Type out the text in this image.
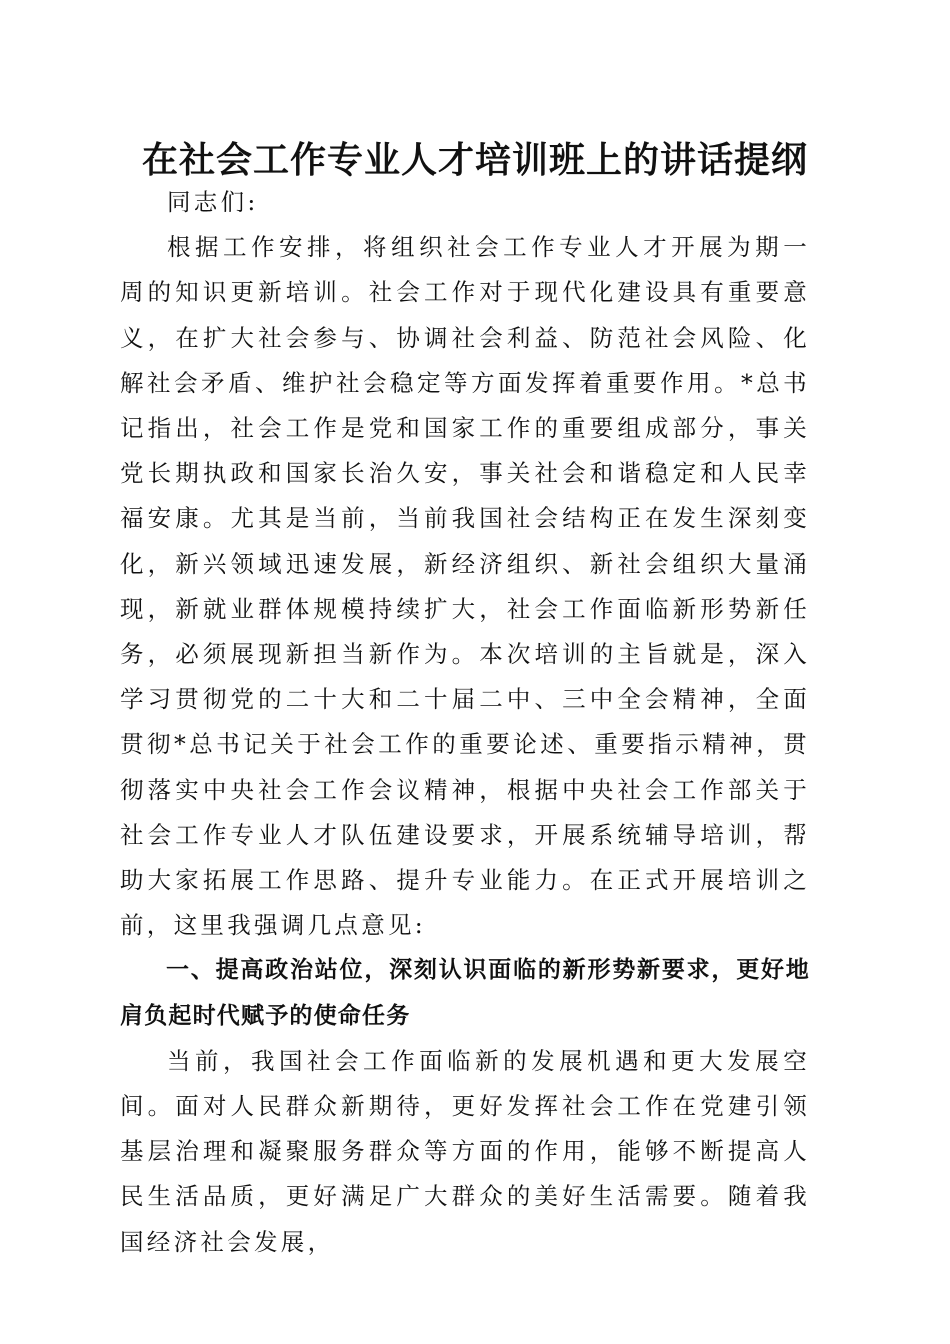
在社会工作专业人才培训班上的讲话提纲

同志们:

根据工作安排，将组织社会工作专业人才开展为期一周的知识更新培训。社会工作对于现代化建设具有重要意义，在扩大社会参与、协调社会利益、防范社会风险、化解社会矛盾、维护社会稳定等方面发挥着重要作用。*总书记指出，社会工作是党和国家工作的重要组成部分，事关党长期执政和国家长治久安，事关社会和谐稳定和人民幸福安康。尤其是当前，当前我国社会结构正在发生深刻变化，新兴领域迅速发展，新经济组织、新社会组织大量涌现，新就业群体规模持续扩大，社会工作面临新形势新任务，必须展现新担当新作为。本次培训的主旨就是，深入学习贯彻党的二十大和二十届二中、三中全会精神，全面贯彻*总书记关于社会工作的重要论述、重要指示精神，贯彻落实中央社会工作会议精神，根据中央社会工作部关于社会工作专业人才队伍建设要求，开展系统辅导培训，帮助大家拓展工作思路、提升专业能力。在正式开展培训之前，这里我强调几点意见:

一、提高政治站位，深刻认识面临的新形势新要求，更好地肩负起时代赋予的使命任务

当前，我国社会工作面临新的发展机遇和更大发展空间。面对人民群众新期待，更好发挥社会工作在党建引领基层治理和凝聚服务群众等方面的作用，能够不断提高人民生活品质，更好满足广大群众的美好生活需要。随着我国经济社会发展，
